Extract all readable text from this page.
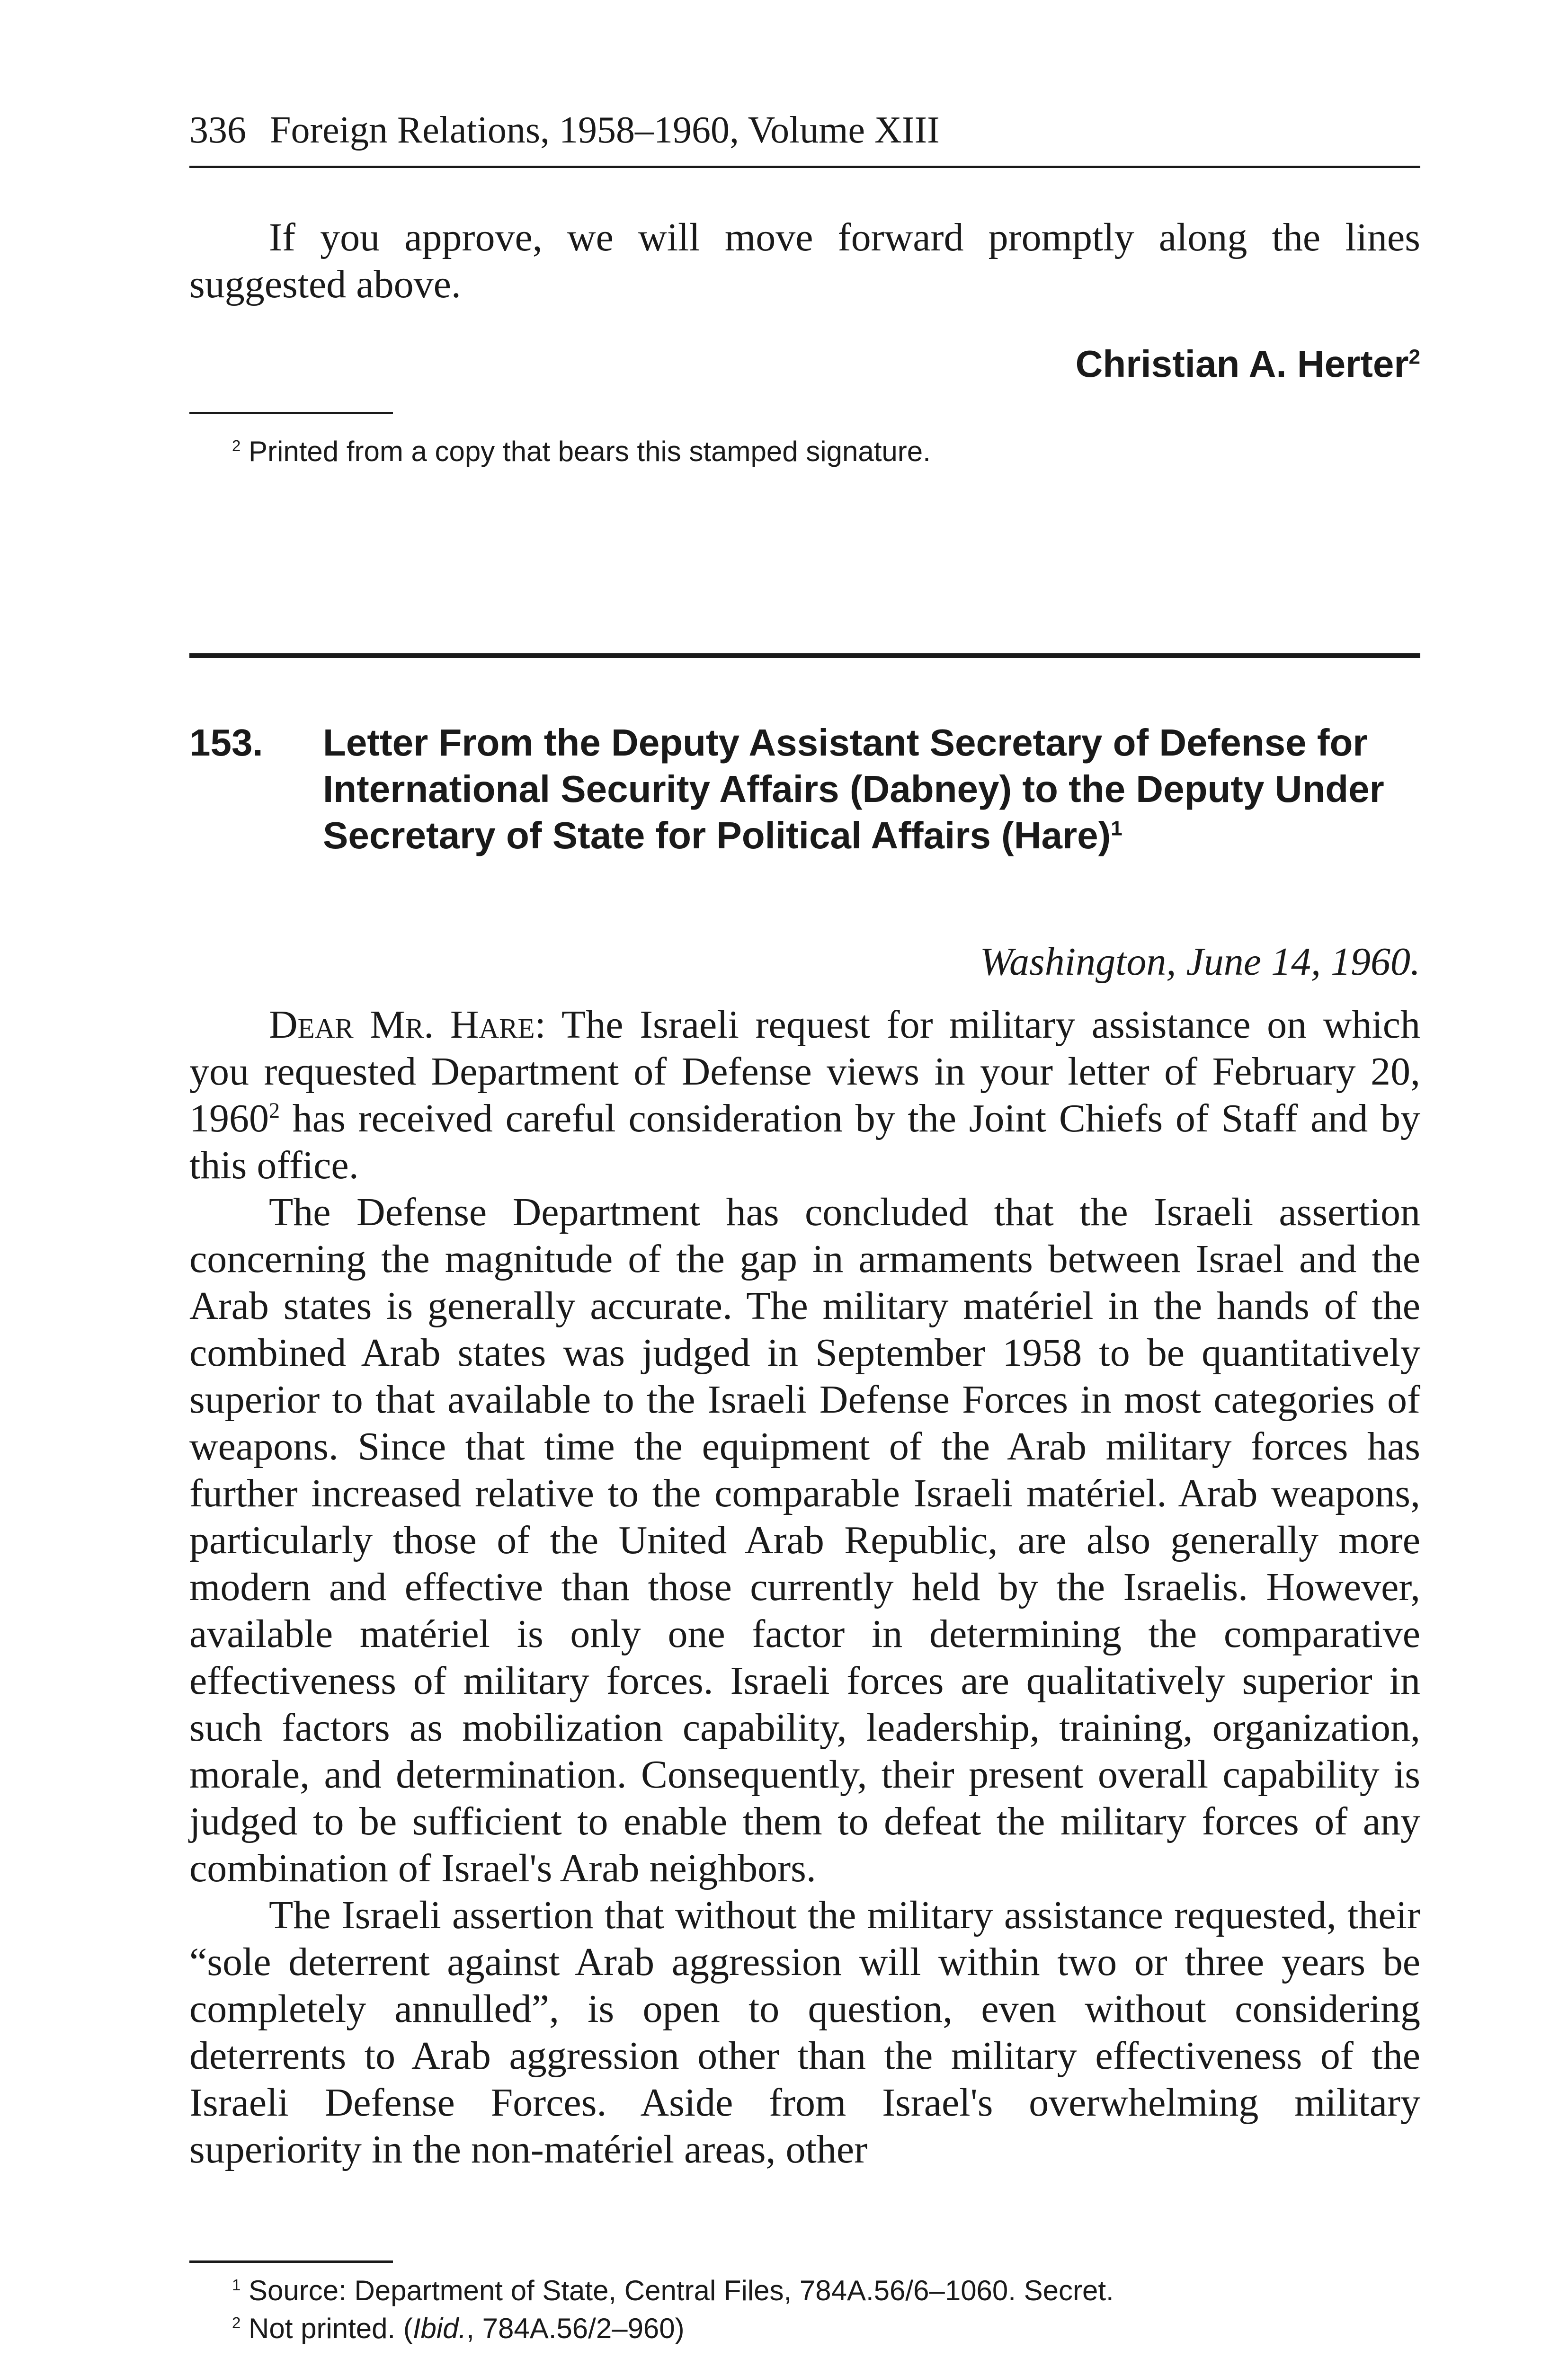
336 Foreign Relations, 1958–1960, Volume XIII

If you approve, we will move forward promptly along the lines suggested above.

Christian A. Herter$^2$
$^2$ Printed from a copy that bears this stamped signature.
153. Letter From the Deputy Assistant Secretary of Defense for International Security Affairs (Dabney) to the Deputy Under Secretary of State for Political Affairs (Hare)$^1$
Washington, June 14, 1960.

Dear Mr. Hare: The Israeli request for military assistance on which you requested Department of Defense views in your letter of February 20, 1960$^2$ has received careful consideration by the Joint Chiefs of Staff and by this office.

The Defense Department has concluded that the Israeli assertion concerning the magnitude of the gap in armaments between Israel and the Arab states is generally accurate. The military matériel in the hands of the combined Arab states was judged in September 1958 to be quantitatively superior to that available to the Israeli Defense Forces in most categories of weapons. Since that time the equipment of the Arab military forces has further increased relative to the comparable Israeli matériel. Arab weapons, particularly those of the United Arab Republic, are also generally more modern and effective than those currently held by the Israelis. However, available matériel is only one factor in determining the comparative effectiveness of military forces. Israeli forces are qualitatively superior in such factors as mobilization capability, leadership, training, organization, morale, and determination. Consequently, their present overall capability is judged to be sufficient to enable them to defeat the military forces of any combination of Israel's Arab neighbors.

The Israeli assertion that without the military assistance requested, their “sole deterrent against Arab aggression will within two or three years be completely annulled”, is open to question, even without considering deterrents to Arab aggression other than the military effectiveness of the Israeli Defense Forces. Aside from Israel's overwhelming military superiority in the non-matériel areas, other

$^1$ Source: Department of State, Central Files, 784A.56/6–1060. Secret.
$^2$ Not printed. (Ibid., 784A.56/2–960)
